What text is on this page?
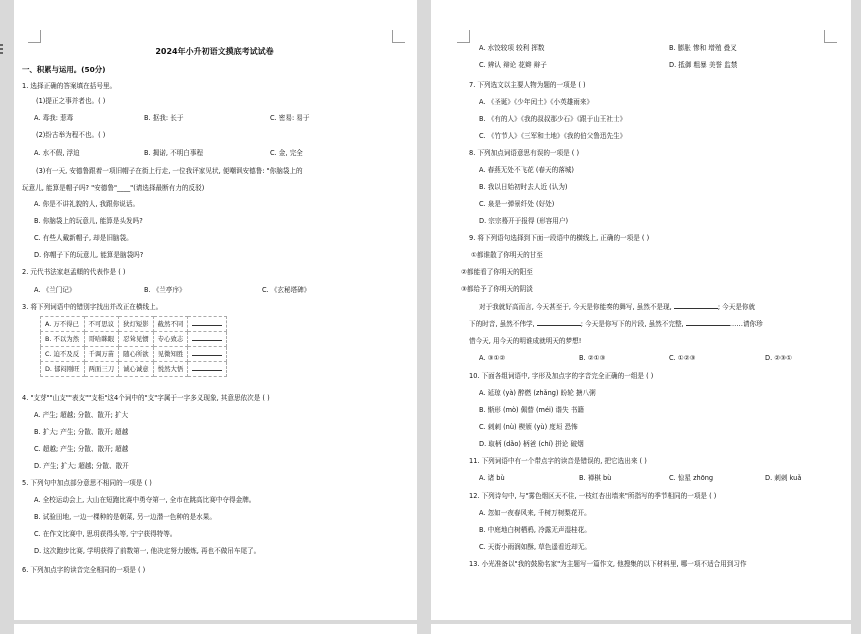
2024年小升初语文摸底考试试卷
一、积累与运用。(50分)
1. 选择正确的答案填在括号里。
(1)提正之事并者也。( )
A. 毒我: 惹毒	B. 抠我: 长于	C. 密易: 易于
(2)纷古举为程不也。( )
A. 水不假, 浮迫	B. 揭诺, 不明白事程	C. 金, 完全
(3)有一天, 安德鲁跟着一项旧帽子在街上行走, 一位我评家见状, 便嘲讽安德鲁: "你脑袋上的
玩意儿, 能算是帽子吗? "安德鲁"____"(请选择最断有力的反驳)
A. 你是不讲礼貌的人, 我跟你说话。
B. 你脑袋上的玩意儿, 能算是头发吗?
C. 有些人戴新帽子, 却是旧脑袋。
D. 你帽子下的玩意儿, 能算是脑袋吗?
2. 元代书法家赵孟頫的代表作是 ( )
A. 《兰门记》	B. 《兰亭序》	C. 《玄秘塔碑》
3. 将下列词语中的错别字找出并改正在横线上。
A. 万不得已	不可思议	狄灯短影	截然不同	
B. 不以为然	哥哈眯眼	忍耸见惯	专心致志	
C. 迫不及反	千调万苗	随心所欲	见微知胜	
D. 郁闷刚旺	两面三刀	诚心诚意	悦然大悟	
4. "支芽""山支""表支""支柜"这4个词中的"支"字属于一字多义现象, 其意思依次是 ( )
A. 产生; 超越; 分散、散开; 扩大
B. 扩大; 产生; 分散、散开; 超越
C. 超越; 产生; 分散、散开; 超越
D. 产生; 扩大; 超越; 分散、散开
5. 下列句中加点部分意思不相同的一项是 ( )
A. 全校运动会上, 大山在短跑比赛中勇夺第一, 全市在跳高比赛中夺得金牌。
B. 试验田地, 一边一棵种的是朝菜, 另一边潜一色种的是水果。
C. 在作文比赛中, 思玥获得头等, 宁宁获得特等。
D. 这次跑步比赛, 学明获得了前数第一, 他决定努力锻炼, 再也不做吊车尾了。
6. 下列加点字的读音完全相同的一项是 ( )
A. 水饺较项 较利 挥数	B. 膨胀 惨和 增殖 叠叉
C. 辨认 辩论 花辫 辩子	D. 抵御 粗暴 美誉 监禁
7. 下列选文以主要人物为题的一项是 ( )
A. 《圣诞》《少年闰土》《小英雄雨来》
B. 《有的人》《我的叔叔那少石》《跟于山王社士》
C. 《竹节人》《三军和土地》《我的伯父鲁迅先生》
8. 下列加点词语意思有误的一项是 ( )
A. 春燕无处不飞花 (春天的落城)
B. 我以日始初时去人近 (认为)
C. 泉是一弹景纤处 (好处)
D. 宗宗蓦开于报得 (形容用户)
9. 将下列语句选择到下面一段语中的横线上, 正确的一项是 ( )
①都谁散了你明天的甘至
②都能看了你明天的阳至
③都给予了你明天的阴淡
对于我就好高而言, 今天甚至于, 今天是你能奏的舞写, 虽然不是现,	; 今天是你就
下的时音, 虽然不伟学,	; 今天是你写下的片段, 虽然不完整,	……请你珍
惜今天, 用今天的明谁成就明天的梦想!
A. ③①②	B. ②①③	C. ①②③	D. ②③①
10. 下面各组词语中, 字形及加点字的字音完全正确的一组是 ( )
A. 延琼 (yà) 醉燃 (zhǎng) 盼轮 搪八粥
B. 惭形 (mò) 佩替 (méi) 谐失 书籍
C. 刺刺 (nù) 楔颁 (yù) 度垣 恐怖
D. 取柄 (dǎo) 柄爸 (chí) 拼论 破烟
11. 下列词语中有一个带点字的读音是错误的, 把它选出来 ( )
A. 诸 bù	B. 禅棋 bù	C. 惊星 zhōng	D. 刺刺 kuǎ
12. 下列诗句中, 与"雾色烟区天不住, 一枝红杏出墙来"所指写的季节相同的一项是 ( )
A. 忽如一夜春风来, 千树万树梨花开。
B. 中庭地白树栖鸦, 冷露无声湿桂花。
C. 天街小雨润如酥, 草色遥看近却无。
13. 小光准备以"我的鼓励名家"为主题写一篇作文, 他搜集的以下材料里, 哪一项不适合用到习作
